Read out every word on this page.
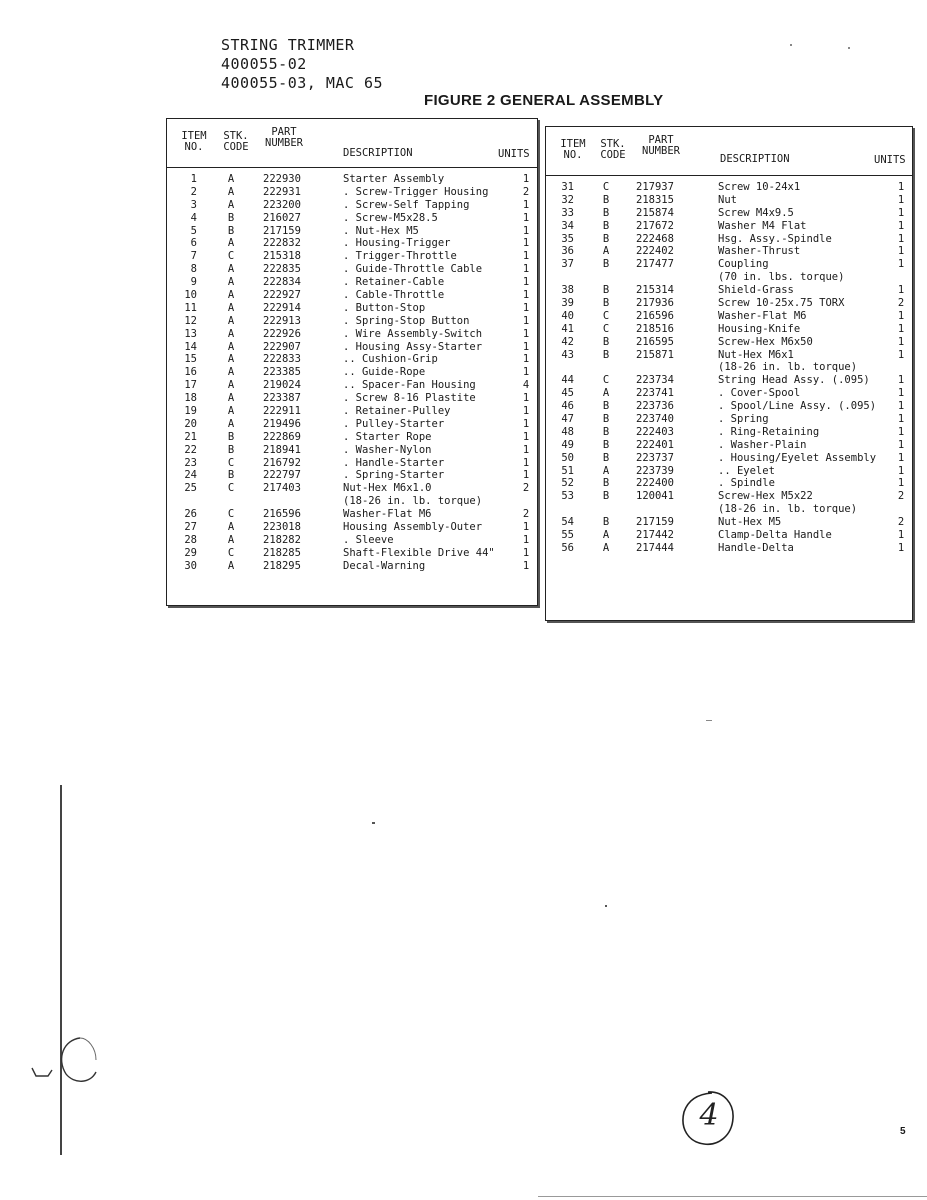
STRING TRIMMER
400055-02
400055-03, MAC 65
FIGURE 2 GENERAL ASSEMBLY
ITEM
NO.
STK.
CODE
PART
NUMBER
DESCRIPTION	UNITS
1	A	222930	Starter Assembly	1
2	A	222931	. Screw-Trigger Housing	2
3	A	223200	. Screw-Self Tapping	1
4	B	216027	. Screw-M5x28.5	1
5	B	217159	. Nut-Hex M5	1
6	A	222832	. Housing-Trigger	1
7	C	215318	. Trigger-Throttle	1
8	A	222835	. Guide-Throttle Cable	1
9	A	222834	. Retainer-Cable	1
10	A	222927	. Cable-Throttle	1
11	A	222914	. Button-Stop	1
12	A	222913	. Spring-Stop Button	1
13	A	222926	. Wire Assembly-Switch	1
14	A	222907	. Housing Assy-Starter	1
15	A	222833	.. Cushion-Grip	1
16	A	223385	.. Guide-Rope	1
17	A	219024	.. Spacer-Fan Housing	4
18	A	223387	. Screw 8-16 Plastite	1
19	A	222911	. Retainer-Pulley	1
20	A	219496	. Pulley-Starter	1
21	B	222869	. Starter Rope	1
22	B	218941	. Washer-Nylon	1
23	C	216792	. Handle-Starter	1
24	B	222797	. Spring-Starter	1
25	C	217403	Nut-Hex M6x1.0	2
(18-26 in. lb. torque)
26	C	216596	Washer-Flat M6	2
27	A	223018	Housing Assembly-Outer	1
28	A	218282	. Sleeve	1
29	C	218285	Shaft-Flexible Drive 44"	1
30	A	218295	Decal-Warning	1
ITEM
NO.
STK.
CODE
PART
NUMBER
DESCRIPTION	UNITS
31	C	217937	Screw 10-24x1	1
32	B	218315	Nut	1
33	B	215874	Screw M4x9.5	1
34	B	217672	Washer M4 Flat	1
35	B	222468	Hsg. Assy.-Spindle	1
36	A	222402	Washer-Thrust	1
37	B	217477	Coupling	1
(70 in. lbs. torque)
38	B	215314	Shield-Grass	1
39	B	217936	Screw 10-25x.75 TORX	2
40	C	216596	Washer-Flat M6	1
41	C	218516	Housing-Knife	1
42	B	216595	Screw-Hex M6x50	1
43	B	215871	Nut-Hex M6x1	1
(18-26 in. lb. torque)
44	C	223734	String Head Assy. (.095)	1
45	A	223741	. Cover-Spool	1
46	B	223736	. Spool/Line Assy. (.095)	1
47	B	223740	. Spring	1
48	B	222403	. Ring-Retaining	1
49	B	222401	. Washer-Plain	1
50	B	223737	. Housing/Eyelet Assembly	1
51	A	223739	.. Eyelet	1
52	B	222400	. Spindle	1
53	B	120041	Screw-Hex M5x22	2
(18-26 in. lb. torque)
54	B	217159	Nut-Hex M5	2
55	A	217442	Clamp-Delta Handle	1
56	A	217444	Handle-Delta	1
4	5
